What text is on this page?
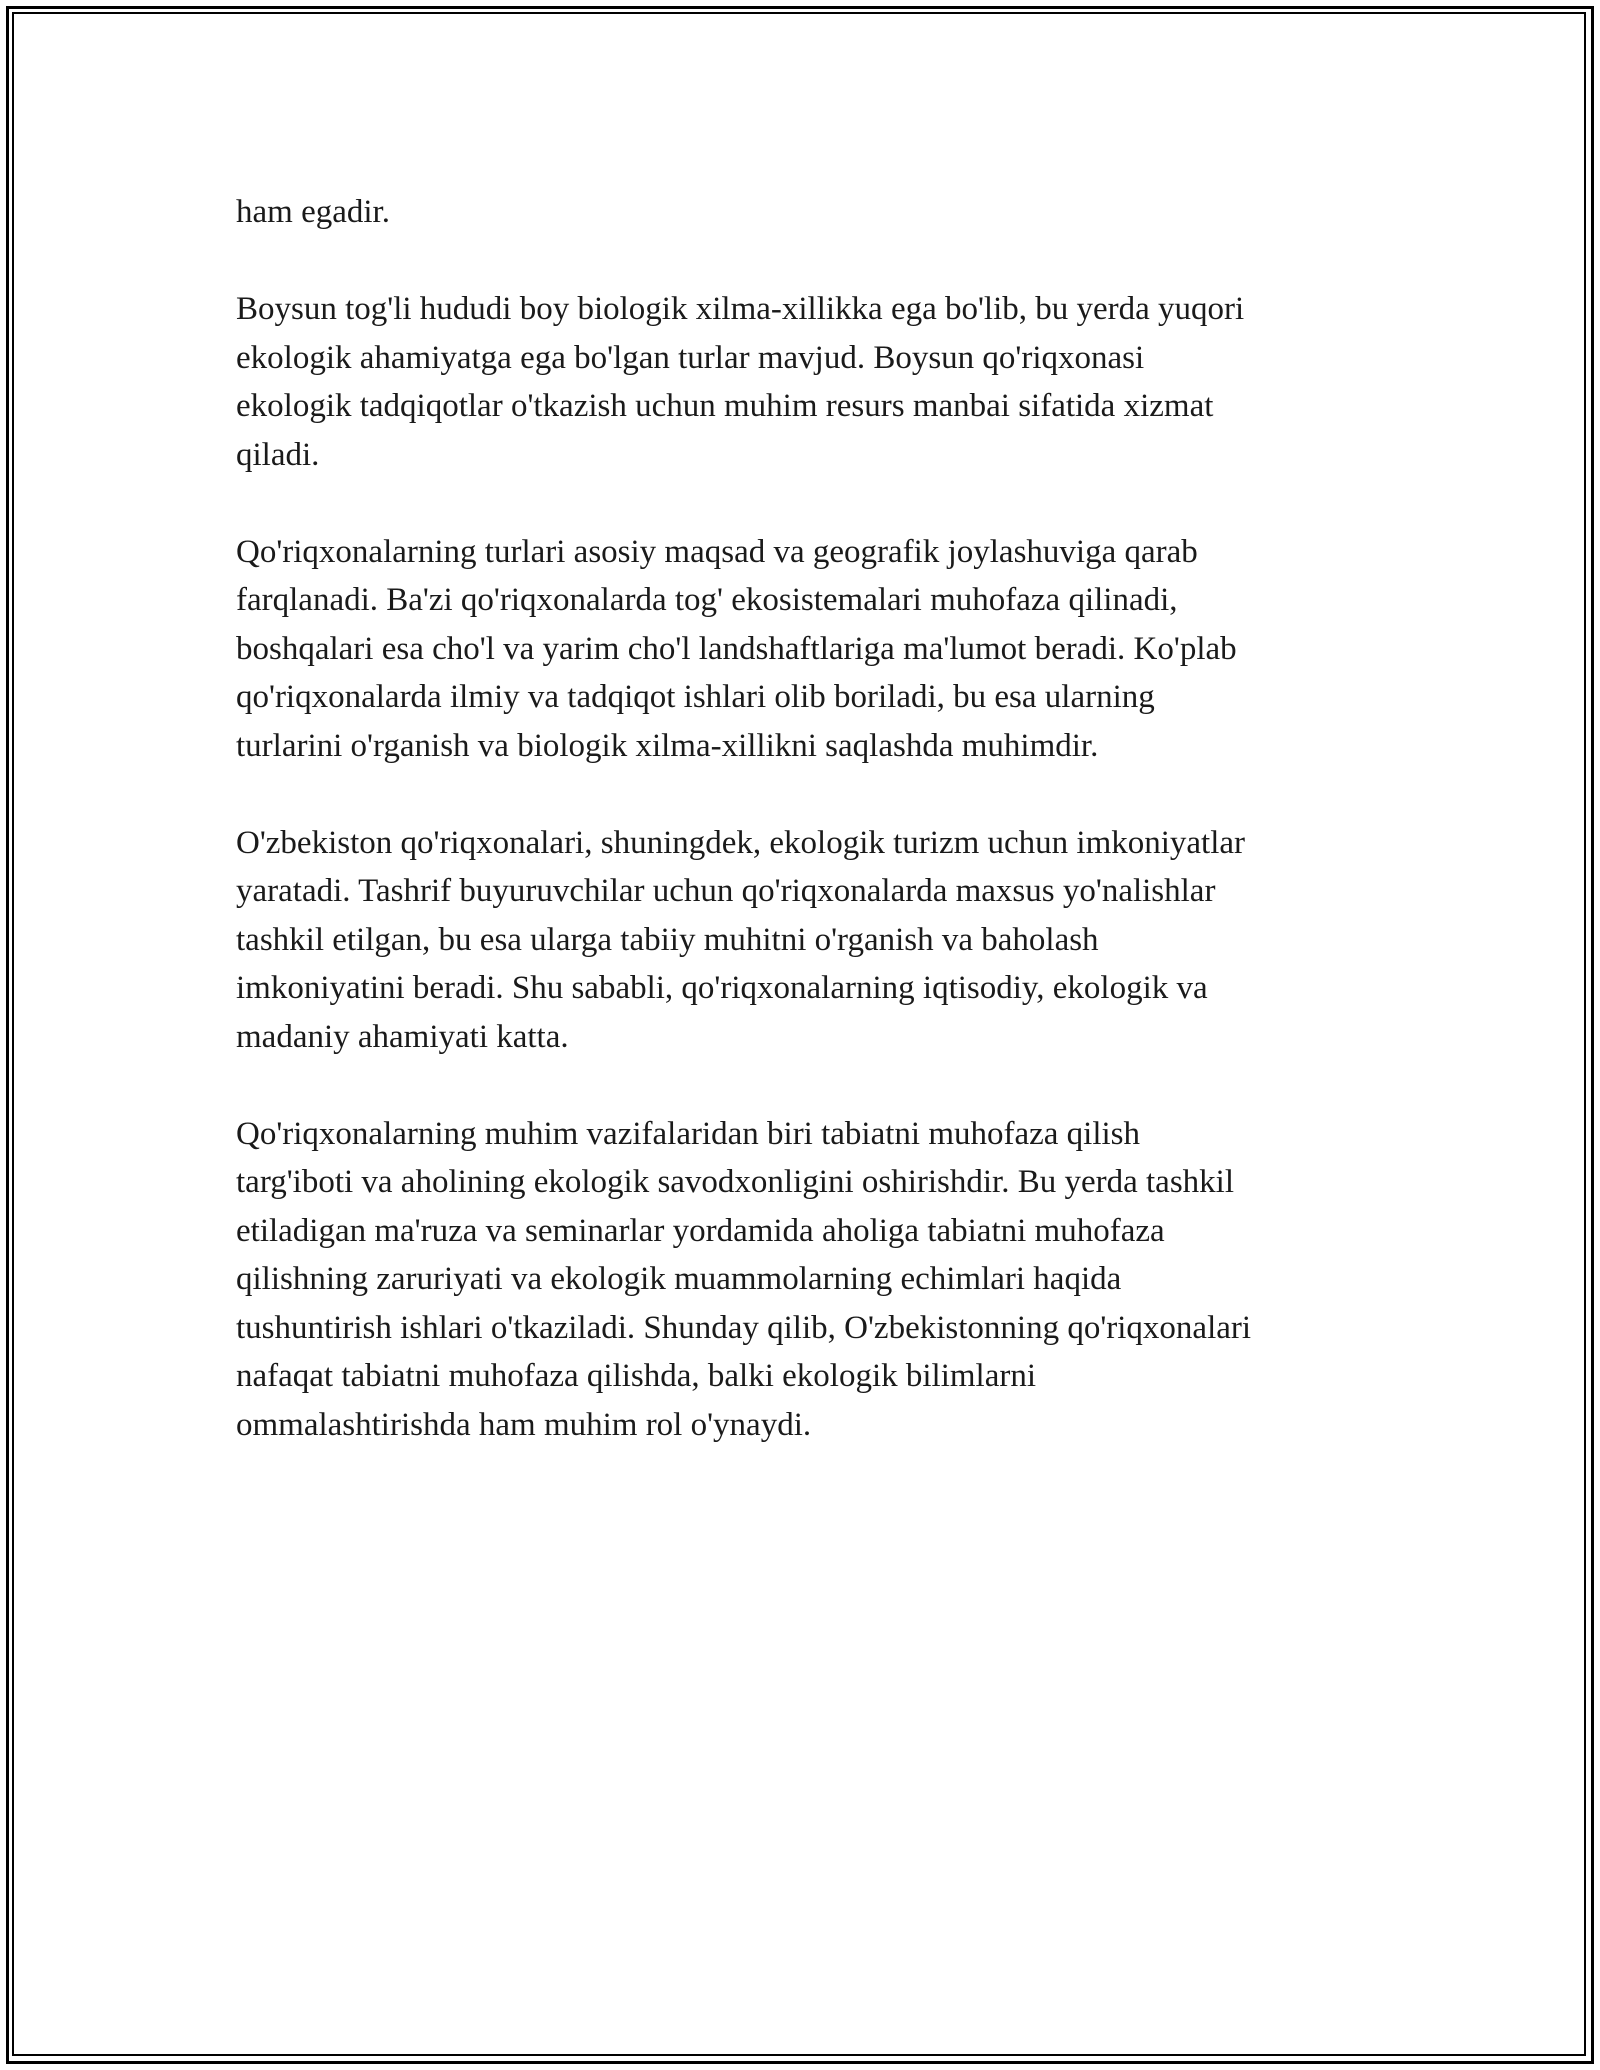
ham egadir.

Boysun tog'li hududi boy biologik xilma-xillikka ega bo'lib, bu yerda yuqori
ekologik ahamiyatga ega bo'lgan turlar mavjud. Boysun qo'riqxonasi
ekologik tadqiqotlar o'tkazish uchun muhim resurs manbai sifatida xizmat
qiladi.

Qo'riqxonalarning turlari asosiy maqsad va geografik joylashuviga qarab
farqlanadi. Ba'zi qo'riqxonalarda tog' ekosistemalari muhofaza qilinadi,
boshqalari esa cho'l va yarim cho'l landshaftlariga ma'lumot beradi. Ko'plab
qo'riqxonalarda ilmiy va tadqiqot ishlari olib boriladi, bu esa ularning
turlarini o'rganish va biologik xilma-xillikni saqlashda muhimdir.

O'zbekiston qo'riqxonalari, shuningdek, ekologik turizm uchun imkoniyatlar
yaratadi. Tashrif buyuruvchilar uchun qo'riqxonalarda maxsus yo'nalishlar
tashkil etilgan, bu esa ularga tabiiy muhitni o'rganish va baholash
imkoniyatini beradi. Shu sababli, qo'riqxonalarning iqtisodiy, ekologik va
madaniy ahamiyati katta.

Qo'riqxonalarning muhim vazifalaridan biri tabiatni muhofaza qilish
targ'iboti va aholining ekologik savodxonligini oshirishdir. Bu yerda tashkil
etiladigan ma'ruza va seminarlar yordamida aholiga tabiatni muhofaza
qilishning zaruriyati va ekologik muammolarning echimlari haqida
tushuntirish ishlari o'tkaziladi. Shunday qilib, O'zbekistonning qo'riqxonalari
nafaqat tabiatni muhofaza qilishda, balki ekologik bilimlarni
ommalashtirishda ham muhim rol o'ynaydi.
